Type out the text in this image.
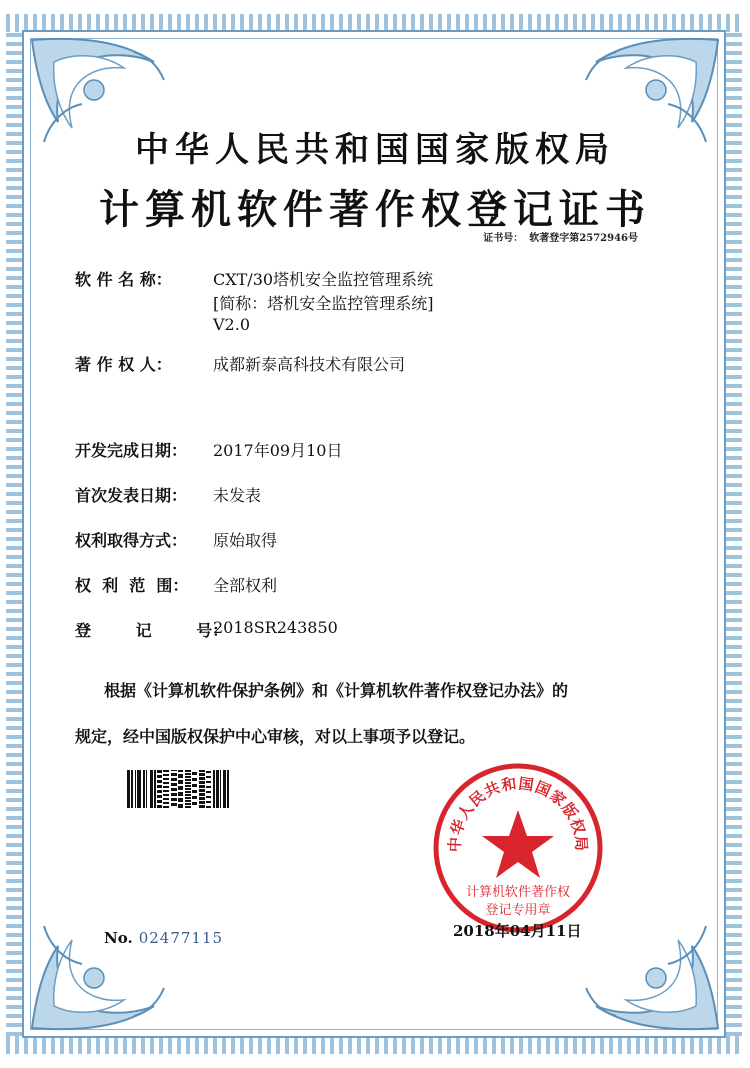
中华人民共和国国家版权局
计算机软件著作权登记证书
证书号： 软著登字第2572946号
软 件 名 称：	CXT/30塔机安全监控管理系统
[简称：塔机安全监控管理系统]
V2.0
著 作 权 人：	成都新泰高科技术有限公司
开发完成日期： 2017年09月10日
首次发表日期： 未发表
权利取得方式： 原始取得
权  利  范  围： 全部权利
登        记        号：
2018SR243850
根据《计算机软件保护条例》和《计算机软件著作权登记办法》的
规定，经中国版权保护中心审核，对以上事项予以登记。
No. 02477115
中华人民共和国国家版权局
计算机软件著作权
登记专用章
2018年04月11日
